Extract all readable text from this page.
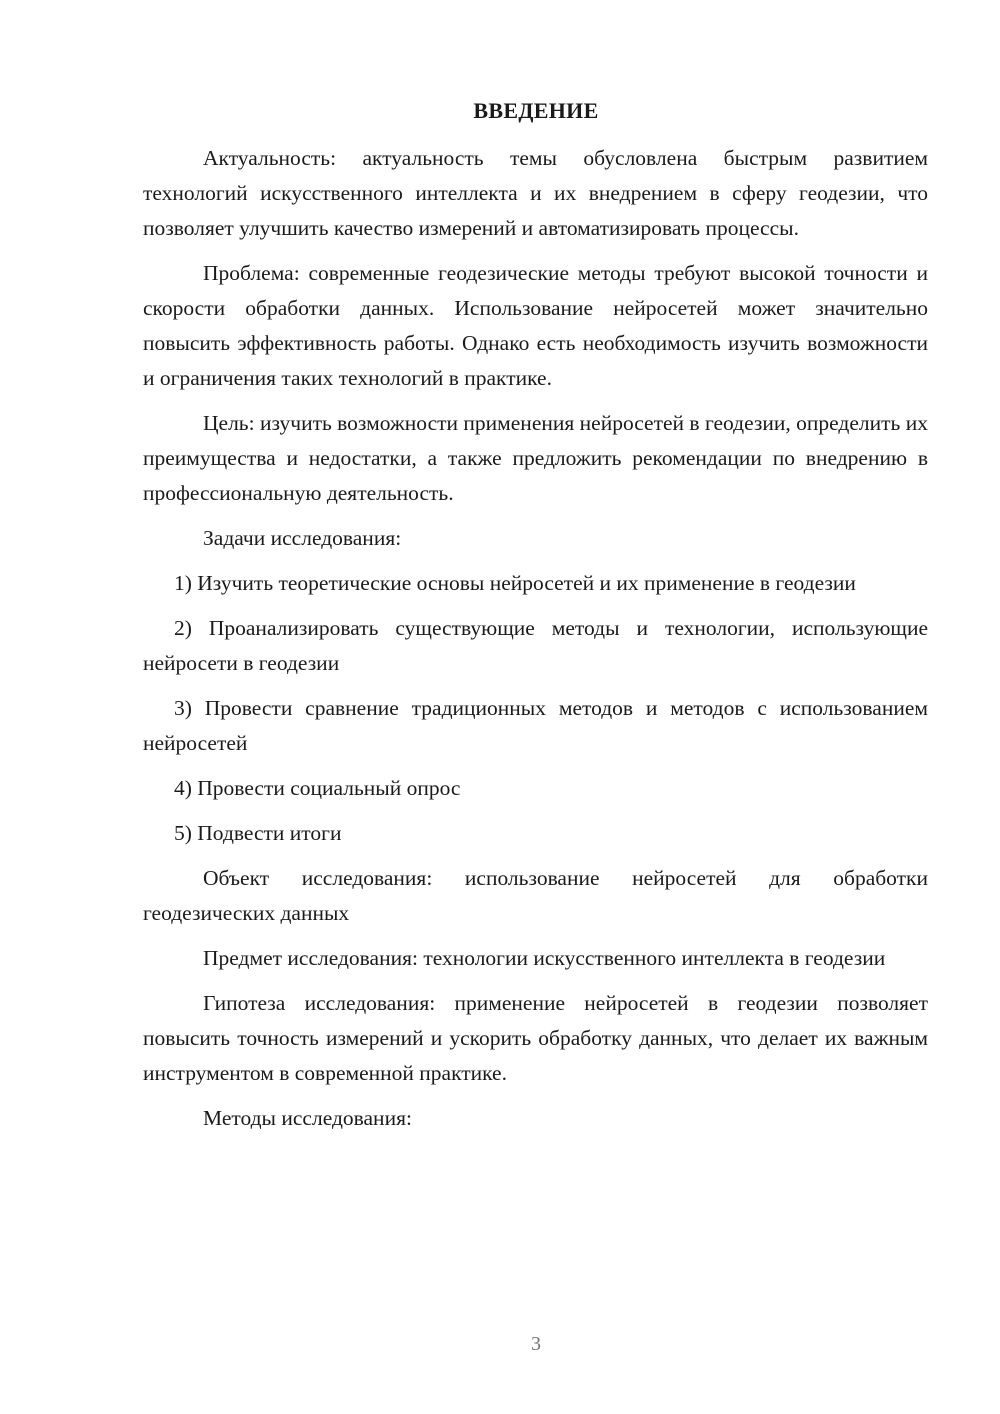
ВВЕДЕНИЕ

Актуальность: актуальность темы обусловлена быстрым развитием технологий искусственного интеллекта и их внедрением в сферу геодезии, что позволяет улучшить качество измерений и автоматизировать процессы.

Проблема: современные геодезические методы требуют высокой точности и скорости обработки данных. Использование нейросетей может значительно повысить эффективность работы. Однако есть необходимость изучить возможности и ограничения таких технологий в практике.

Цель: изучить возможности применения нейросетей в геодезии, определить их преимущества и недостатки, а также предложить рекомендации по внедрению в профессиональную деятельность.

Задачи исследования:

1) Изучить теоретические основы нейросетей и их применение в геодезии

2) Проанализировать существующие методы и технологии, использующие нейросети в геодезии

3) Провести сравнение традиционных методов и методов с использованием нейросетей

4) Провести социальный опрос

5) Подвести итоги

Объект исследования: использование нейросетей для обработки геодезических данных

Предмет исследования: технологии искусственного интеллекта в геодезии

Гипотеза исследования: применение нейросетей в геодезии позволяет повысить точность измерений и ускорить обработку данных, что делает их важным инструментом в современной практике.

Методы исследования:

3
